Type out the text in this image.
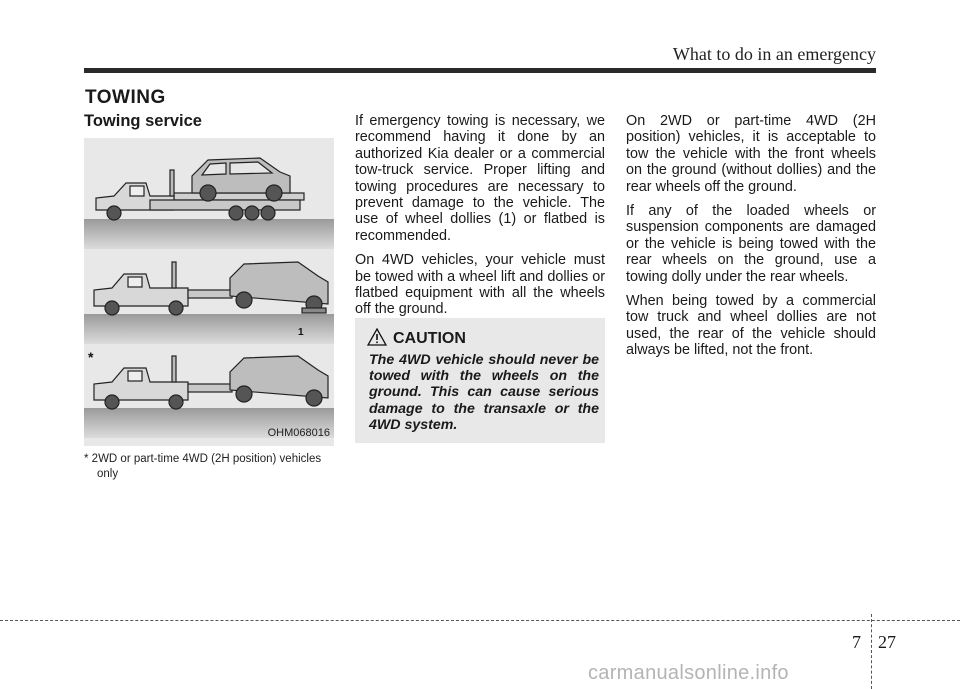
What to do in an emergency
TOWING
Towing service
1
*
OHM068016
* 2WD or part-time 4WD (2H position) vehicles
only

If emergency towing is necessary, we recommend having it done by an authorized Kia dealer or a commercial tow-truck service. Proper lifting and towing procedures are necessary to prevent damage to the vehicle. The use of wheel dollies (1) or flatbed is recommended.

On 4WD vehicles, your vehicle must be towed with a wheel lift and dollies or flatbed equipment with all the wheels off the ground.

CAUTION
The 4WD vehicle should never be towed with the wheels on the ground. This can cause serious damage to the transaxle or the 4WD system.

On 2WD or part-time 4WD (2H position) vehicles, it is acceptable to tow the vehicle with the front wheels on the ground (without dollies) and the rear wheels off the ground.

If any of the loaded wheels or suspension components are damaged or the vehicle is being towed with the rear wheels on the ground, use a towing dolly under the rear wheels.

When being towed by a commercial tow truck and wheel dollies are not used, the rear of the vehicle should always be lifted, not the front.

7 27
carmanualsonline.info
